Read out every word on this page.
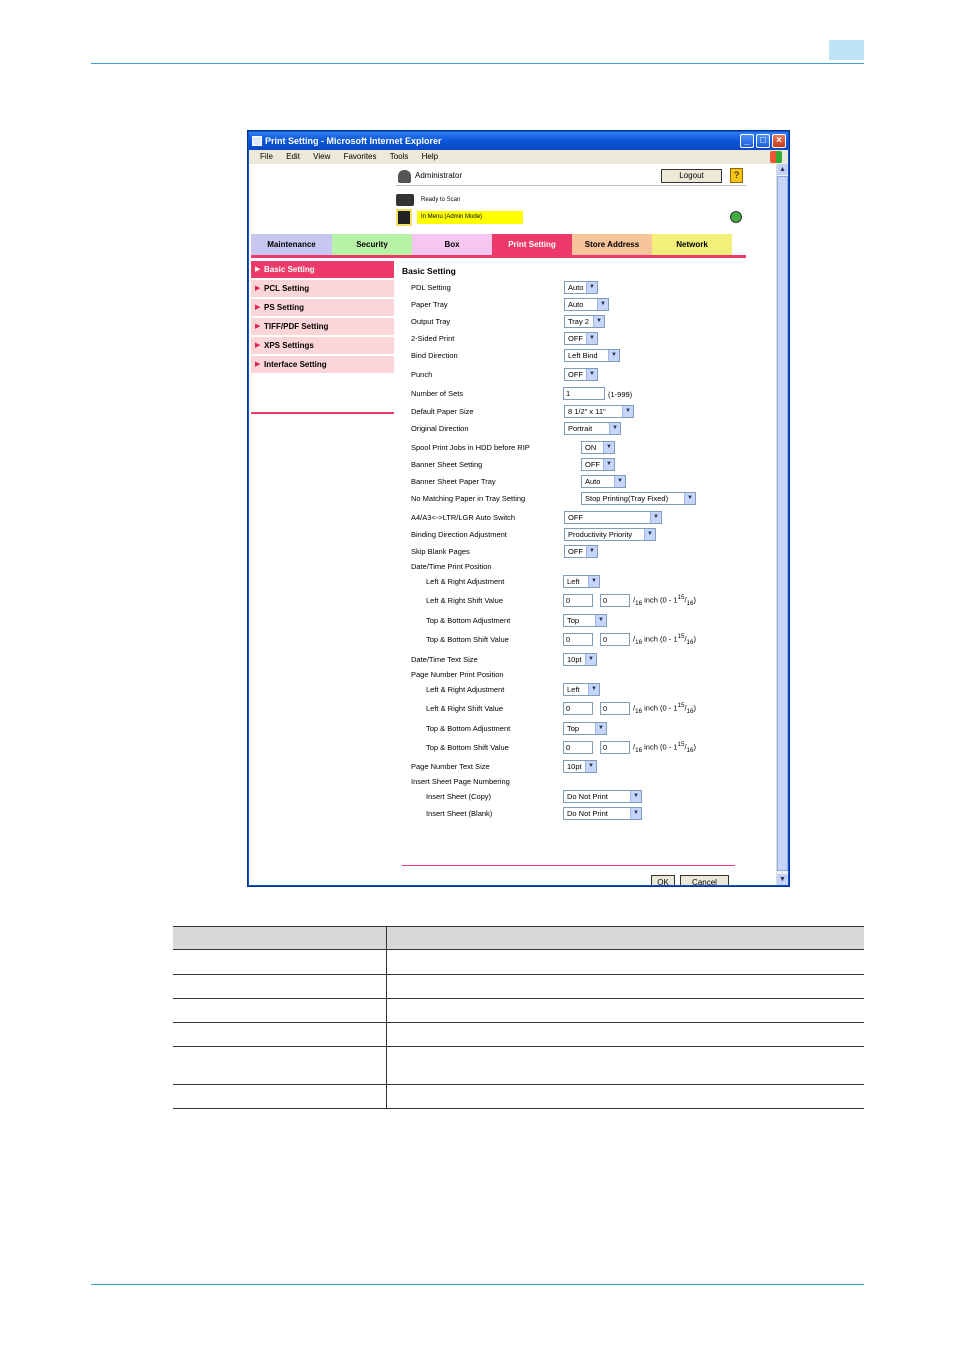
Print Setting - Microsoft Internet Explorer	_	□	×
File Edit View Favorites Tools Help
▲
▼
Administrator	Logout	?
Ready to Scan
In Menu (Admin Mode)
Maintenance	Security	Box	Print Setting	Store Address	Network
▶ Basic Setting
▶ PCL Setting
▶ PS Setting
▶ TIFF/PDF Setting
▶ XPS Settings
▶ Interface Setting
Basic Setting
PDL Setting	Auto ▼
Paper Tray	Auto	▼
Output Tray	Tray 2	▼
2-Sided Print	OFF	▼
Bind Direction	Left Bind	▼
Punch	OFF	▼
Number of Sets	1	(1-999)
Default Paper Size	8 1/2" x 11"	▼
Original Direction	Portrait	▼
Spool Print Jobs in HDD before RIP	ON	▼
Banner Sheet Setting	OFF	▼
Banner Sheet Paper Tray	Auto	▼
No Matching Paper in Tray Setting	Stop Printing(Tray Fixed)	▼
A4/A3<->LTR/LGR Auto Switch	OFF	▼
Binding Direction Adjustment	Productivity Priority	▼
Skip Blank Pages	OFF	▼
Date/Time Print Position
Left & Right Adjustment	Left	▼
Left & Right Shift Value	0	0	$/_{16}$ inch $(0 - 1^{15}/_{16})$
Top & Bottom Adjustment	Top	▼
Top & Bottom Shift Value	0	0	$/_{16}$ inch $(0 - 1^{15}/_{16})$
Date/Time Text Size	10pt	▼
Page Number Print Position
Left & Right Adjustment	Left	▼
Left & Right Shift Value	0	0	$/_{16}$ inch $(0 - 1^{15}/_{16})$
Top & Bottom Adjustment	Top	▼
Top & Bottom Shift Value	0	0	$/_{16}$ inch $(0 - 1^{15}/_{16})$
Page Number Text Size	10pt	▼
Insert Sheet Page Numbering
Insert Sheet (Copy)	Do Not Print	▼
Insert Sheet (Blank)	Do Not Print	▼
OK	Cancel
